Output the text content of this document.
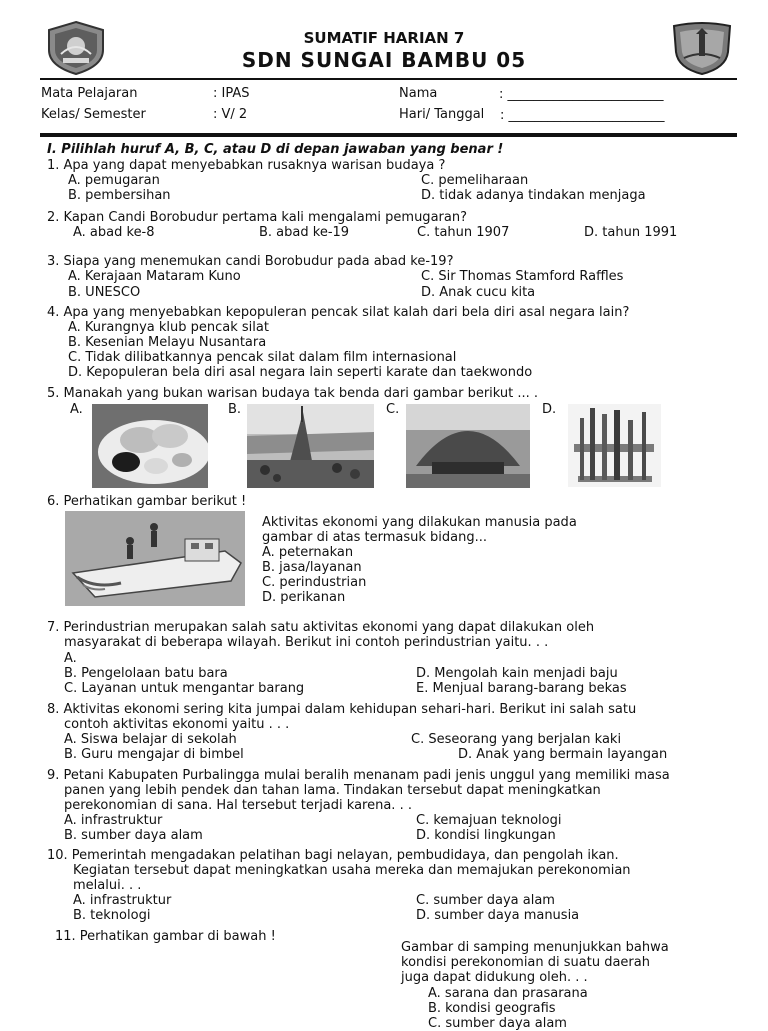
SUMATIF HARIAN 7
SDN SUNGAI BAMBU 05
Mata Pelajaran	: IPAS	Nama	: ________________________
Kelas/ Semester	: V/ 2	Hari/ Tanggal : ________________________
I. Pilihlah huruf A, B, C, atau D di depan jawaban yang benar !
1. Apa yang dapat menyebabkan rusaknya warisan budaya ?
A. pemugaran
B. pembersihan
C. pemeliharaan
D. tidak adanya tindakan menjaga
2. Kapan Candi Borobudur pertama kali mengalami pemugaran?
A. abad ke-8	B. abad ke-19	C. tahun 1907	D. tahun 1991
3. Siapa yang menemukan candi Borobudur pada abad ke-19?
A. Kerajaan Mataram Kuno
B. UNESCO
C. Sir Thomas Stamford Raffles
D. Anak cucu kita
4. Apa yang menyebabkan kepopuleran pencak silat kalah dari bela diri asal negara lain?
A. Kurangnya klub pencak silat
B. Kesenian Melayu Nusantara
C. Tidak dilibatkannya pencak silat dalam film internasional
D. Kepopuleran bela diri asal negara lain seperti karate dan taekwondo
5. Manakah yang bukan warisan budaya tak benda dari gambar berikut ... .
A.	B.	C.	D.
6. Perhatikan gambar berikut !
Aktivitas ekonomi yang dilakukan manusia pada
gambar di atas termasuk bidang...
A. peternakan
B. jasa/layanan
C. perindustrian
D. perikanan
7. Perindustrian merupakan salah satu aktivitas ekonomi yang dapat dilakukan oleh
masyarakat di beberapa wilayah. Berikut ini contoh perindustrian yaitu. . .
A.
B. Pengelolaan batu bara
C. Layanan untuk mengantar barang
D. Mengolah kain menjadi baju
E. Menjual barang-barang bekas
8. Aktivitas ekonomi sering kita jumpai dalam kehidupan sehari-hari. Berikut ini salah satu
contoh aktivitas ekonomi yaitu . . .
A. Siswa belajar di sekolah
B. Guru mengajar di bimbel
C. Seseorang yang berjalan kaki
D. Anak yang bermain layangan
9. Petani Kabupaten Purbalingga mulai beralih menanam padi jenis unggul yang memiliki masa
panen yang lebih pendek dan tahan lama. Tindakan tersebut dapat meningkatkan
perekonomian di sana. Hal tersebut terjadi karena. . .
A. infrastruktur
B. sumber daya alam
C. kemajuan teknologi
D. kondisi lingkungan
10. Pemerintah mengadakan pelatihan bagi nelayan, pembudidaya, dan pengolah ikan.
Kegiatan tersebut dapat meningkatkan usaha mereka dan memajukan perekonomian
melalui. . .
A. infrastruktur
B. teknologi
C. sumber daya alam
D. sumber daya manusia
11. Perhatikan gambar di bawah !
Gambar di samping menunjukkan bahwa
kondisi perekonomian di suatu daerah
juga dapat didukung oleh. . .
A. sarana dan prasarana
B. kondisi geografis
C. sumber daya alam
